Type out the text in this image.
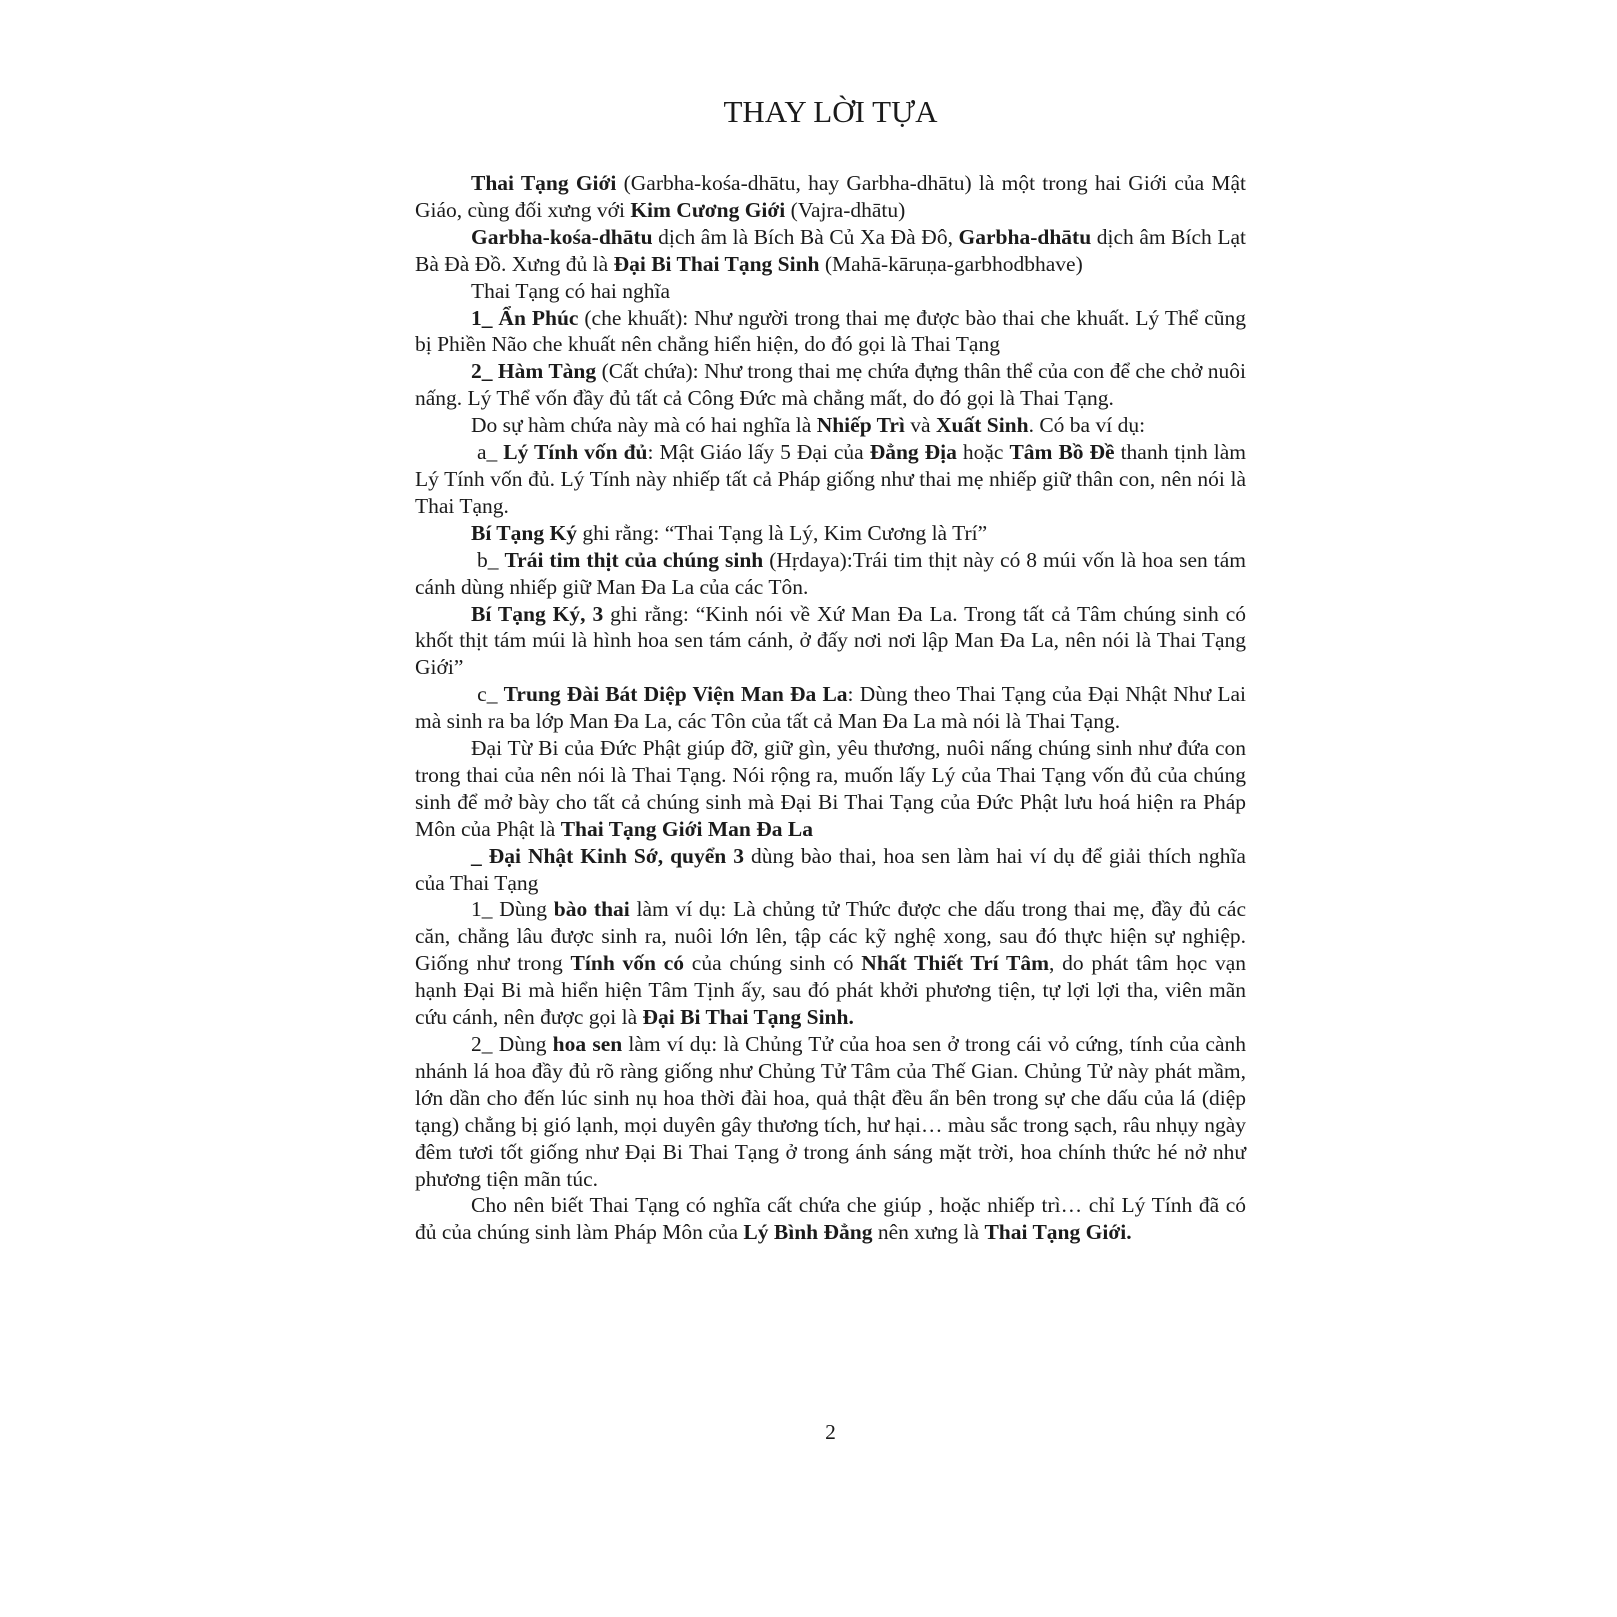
THAY LỜI TỰA

Thai Tạng Giới (Garbha-kośa-dhātu, hay Garbha-dhātu) là một trong hai Giới của Mật Giáo, cùng đối xưng với Kim Cương Giới (Vajra-dhātu)

Garbha-kośa-dhātu dịch âm là Bích Bà Củ Xa Đà Đô, Garbha-dhātu dịch âm Bích Lạt Bà Đà Đồ. Xưng đủ là Đại Bi Thai Tạng Sinh (Mahā-kāruṇa-garbhodbhave)

Thai Tạng có hai nghĩa

1_ Ẩn Phúc (che khuất): Như người trong thai mẹ được bào thai che khuất. Lý Thể cũng bị Phiền Não che khuất nên chẳng hiển hiện, do đó gọi là Thai Tạng

2_ Hàm Tàng (Cất chứa): Như trong thai mẹ chứa đựng thân thể của con để che chở nuôi nấng. Lý Thể vốn đầy đủ tất cả Công Đức mà chẳng mất, do đó gọi là Thai Tạng.

Do sự hàm chứa này mà có hai nghĩa là Nhiếp Trì và Xuất Sinh. Có ba ví dụ:

a_ Lý Tính vốn đủ: Mật Giáo lấy 5 Đại của Đẳng Địa hoặc Tâm Bồ Đề thanh tịnh làm Lý Tính vốn đủ. Lý Tính này nhiếp tất cả Pháp giống như thai mẹ nhiếp giữ thân con, nên nói là Thai Tạng.

Bí Tạng Ký ghi rằng: “Thai Tạng là Lý, Kim Cương là Trí”

b_ Trái tim thịt của chúng sinh (Hṛdaya):Trái tim thịt này có 8 múi vốn là hoa sen tám cánh dùng nhiếp giữ Man Đa La của các Tôn.

Bí Tạng Ký, 3 ghi rằng: “Kinh nói về Xứ Man Đa La. Trong tất cả Tâm chúng sinh có khốt thịt tám múi là hình hoa sen tám cánh, ở đấy nơi nơi lập Man Đa La, nên nói là Thai Tạng Giới”

c_ Trung Đài Bát Diệp Viện Man Đa La: Dùng theo Thai Tạng của Đại Nhật Như Lai mà sinh ra ba lớp Man Đa La, các Tôn của tất cả Man Đa La mà nói là Thai Tạng.

Đại Từ Bi của Đức Phật giúp đỡ, giữ gìn, yêu thương, nuôi nấng chúng sinh như đứa con trong thai của nên nói là Thai Tạng. Nói rộng ra, muốn lấy Lý của Thai Tạng vốn đủ của chúng sinh để mở bày cho tất cả chúng sinh mà Đại Bi Thai Tạng của Đức Phật lưu hoá hiện ra Pháp Môn của Phật là Thai Tạng Giới Man Đa La

_ Đại Nhật Kinh Sớ, quyển 3 dùng bào thai, hoa sen làm hai ví dụ để giải thích nghĩa của Thai Tạng

1_ Dùng bào thai làm ví dụ: Là chủng tử Thức được che dấu trong thai mẹ, đầy đủ các căn, chẳng lâu được sinh ra, nuôi lớn lên, tập các kỹ nghệ xong, sau đó thực hiện sự nghiệp. Giống như trong Tính vốn có của chúng sinh có Nhất Thiết Trí Tâm, do phát tâm học vạn hạnh Đại Bi mà hiển hiện Tâm Tịnh ấy, sau đó phát khởi phương tiện, tự lợi lợi tha, viên mãn cứu cánh, nên được gọi là Đại Bi Thai Tạng Sinh.

2_ Dùng hoa sen làm ví dụ: là Chủng Tử của hoa sen ở trong cái vỏ cứng, tính của cành nhánh lá hoa đầy đủ rõ ràng giống như Chủng Tử Tâm của Thế Gian. Chủng Tử này phát mầm, lớn dần cho đến lúc sinh nụ hoa thời đài hoa, quả thật đều ẩn bên trong sự che dấu của lá (diệp tạng) chẳng bị gió lạnh, mọi duyên gây thương tích, hư hại… màu sắc trong sạch, râu nhụy ngày đêm tươi tốt giống như Đại Bi Thai Tạng ở trong ánh sáng mặt trời, hoa chính thức hé nở như phương tiện mãn túc.

Cho nên biết Thai Tạng có nghĩa cất chứa che giúp , hoặc nhiếp trì… chỉ Lý Tính đã có đủ của chúng sinh làm Pháp Môn của Lý Bình Đẳng nên xưng là Thai Tạng Giới.

2
